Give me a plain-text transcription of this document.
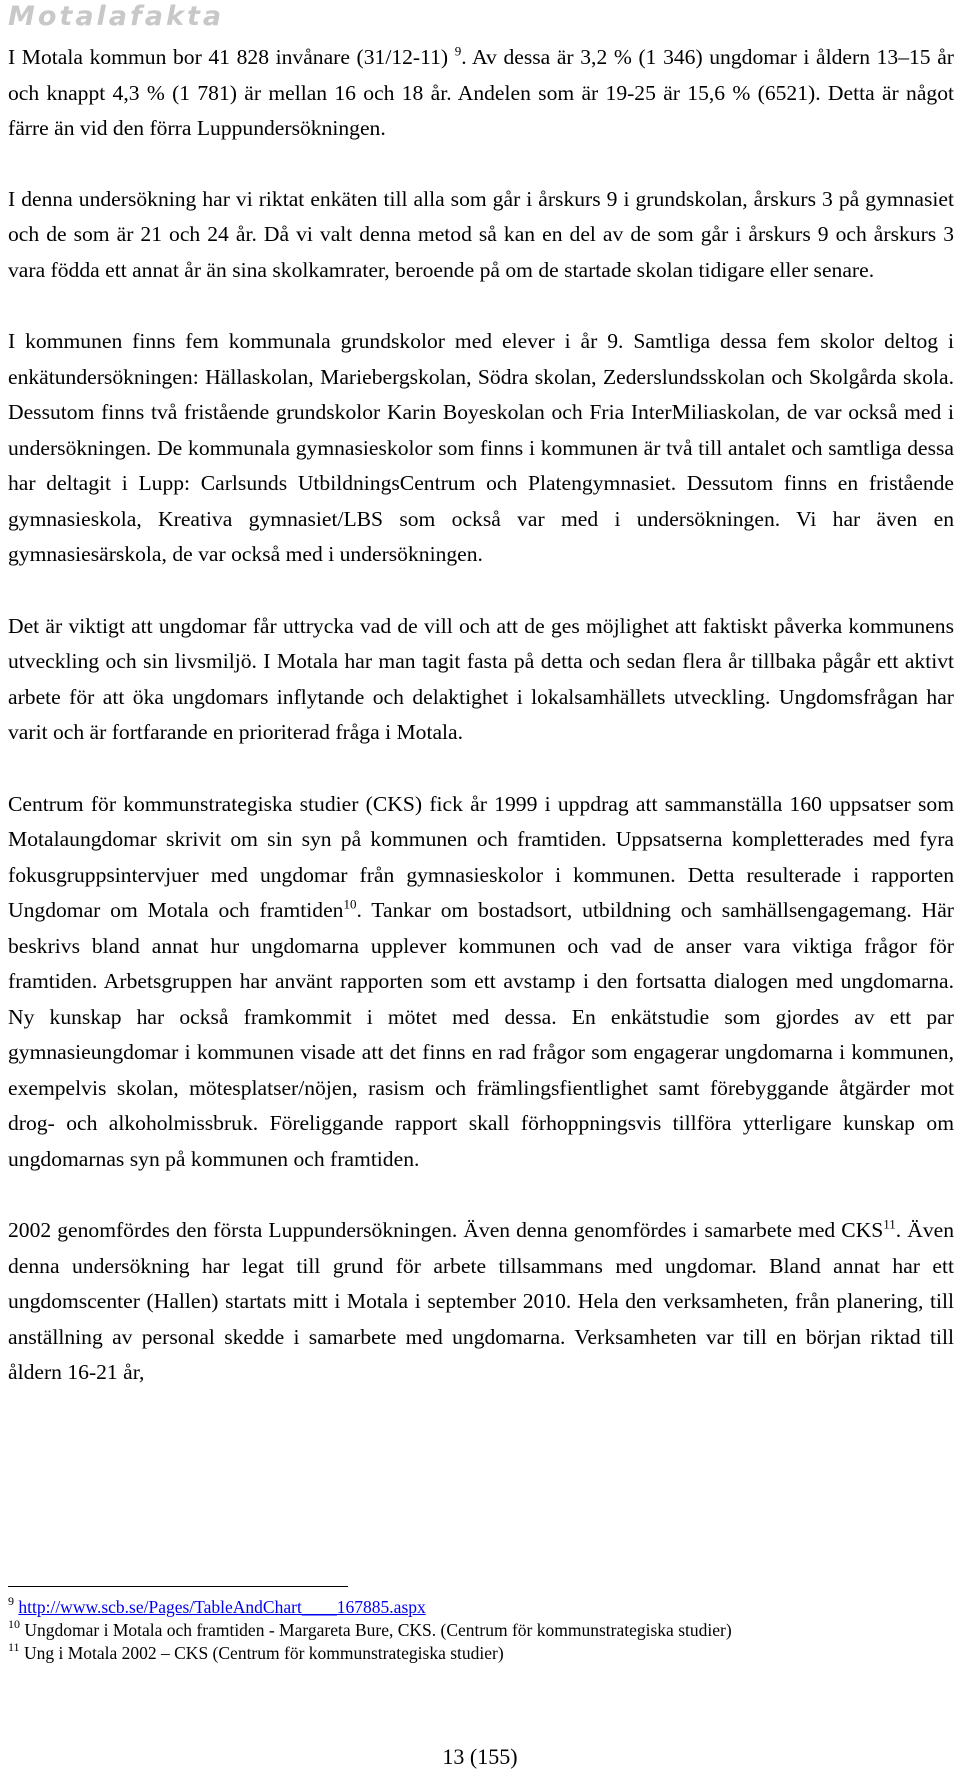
Motalafakta

I Motala kommun bor 41 828 invånare (31/12-11) $^9$. Av dessa är 3,2 % (1 346) ungdomar i åldern 13–15 år och knappt 4,3 % (1 781) är mellan 16 och 18 år. Andelen som är 19-25 är 15,6 % (6521). Detta är något färre än vid den förra Luppundersökningen.

I denna undersökning har vi riktat enkäten till alla som går i årskurs 9 i grundskolan, årskurs 3 på gymnasiet och de som är 21 och 24 år. Då vi valt denna metod så kan en del av de som går i årskurs 9 och årskurs 3 vara födda ett annat år än sina skolkamrater, beroende på om de startade skolan tidigare eller senare.

I kommunen finns fem kommunala grundskolor med elever i år 9. Samtliga dessa fem skolor deltog i enkätundersökningen: Hällaskolan, Mariebergskolan, Södra skolan, Zederslundsskolan och Skolgårda skola. Dessutom finns två fristående grundskolor Karin Boyeskolan och Fria InterMiliaskolan, de var också med i undersökningen. De kommunala gymnasieskolor som finns i kommunen är två till antalet och samtliga dessa har deltagit i Lupp: Carlsunds UtbildningsCentrum och Platengymnasiet. Dessutom finns en fristående gymnasieskola, Kreativa gymnasiet/LBS som också var med i undersökningen. Vi har även en gymnasiesärskola, de var också med i undersökningen.

Det är viktigt att ungdomar får uttrycka vad de vill och att de ges möjlighet att faktiskt påverka kommunens utveckling och sin livsmiljö. I Motala har man tagit fasta på detta och sedan flera år tillbaka pågår ett aktivt arbete för att öka ungdomars inflytande och delaktighet i lokalsamhällets utveckling. Ungdomsfrågan har varit och är fortfarande en prioriterad fråga i Motala.

Centrum för kommunstrategiska studier (CKS) fick år 1999 i uppdrag att sammanställa 160 uppsatser som Motalaungdomar skrivit om sin syn på kommunen och framtiden. Uppsatserna kompletterades med fyra fokusgruppsintervjuer med ungdomar från gymnasieskolor i kommunen. Detta resulterade i rapporten Ungdomar om Motala och framtiden$^{10}$. Tankar om bostadsort, utbildning och samhällsengagemang. Här beskrivs bland annat hur ungdomarna upplever kommunen och vad de anser vara viktiga frågor för framtiden. Arbetsgruppen har använt rapporten som ett avstamp i den fortsatta dialogen med ungdomarna. Ny kunskap har också framkommit i mötet med dessa. En enkätstudie som gjordes av ett par gymnasieungdomar i kommunen visade att det finns en rad frågor som engagerar ungdomarna i kommunen, exempelvis skolan, mötesplatser/nöjen, rasism och främlingsfientlighet samt förebyggande åtgärder mot drog- och alkoholmissbruk. Föreliggande rapport skall förhoppningsvis tillföra ytterligare kunskap om ungdomarnas syn på kommunen och framtiden.

2002 genomfördes den första Luppundersökningen. Även denna genomfördes i samarbete med CKS$^{11}$. Även denna undersökning har legat till grund för arbete tillsammans med ungdomar. Bland annat har ett ungdomscenter (Hallen) startats mitt i Motala i september 2010. Hela den verksamheten, från planering, till anställning av personal skedde i samarbete med ungdomarna. Verksamheten var till en början riktad till åldern 16-21 år,

$^9$ http://www.scb.se/Pages/TableAndChart____167885.aspx
$^{10}$ Ungdomar i Motala och framtiden - Margareta Bure, CKS. (Centrum för kommunstrategiska studier)
$^{11}$ Ung i Motala 2002 – CKS (Centrum för kommunstrategiska studier)
13 (155)
